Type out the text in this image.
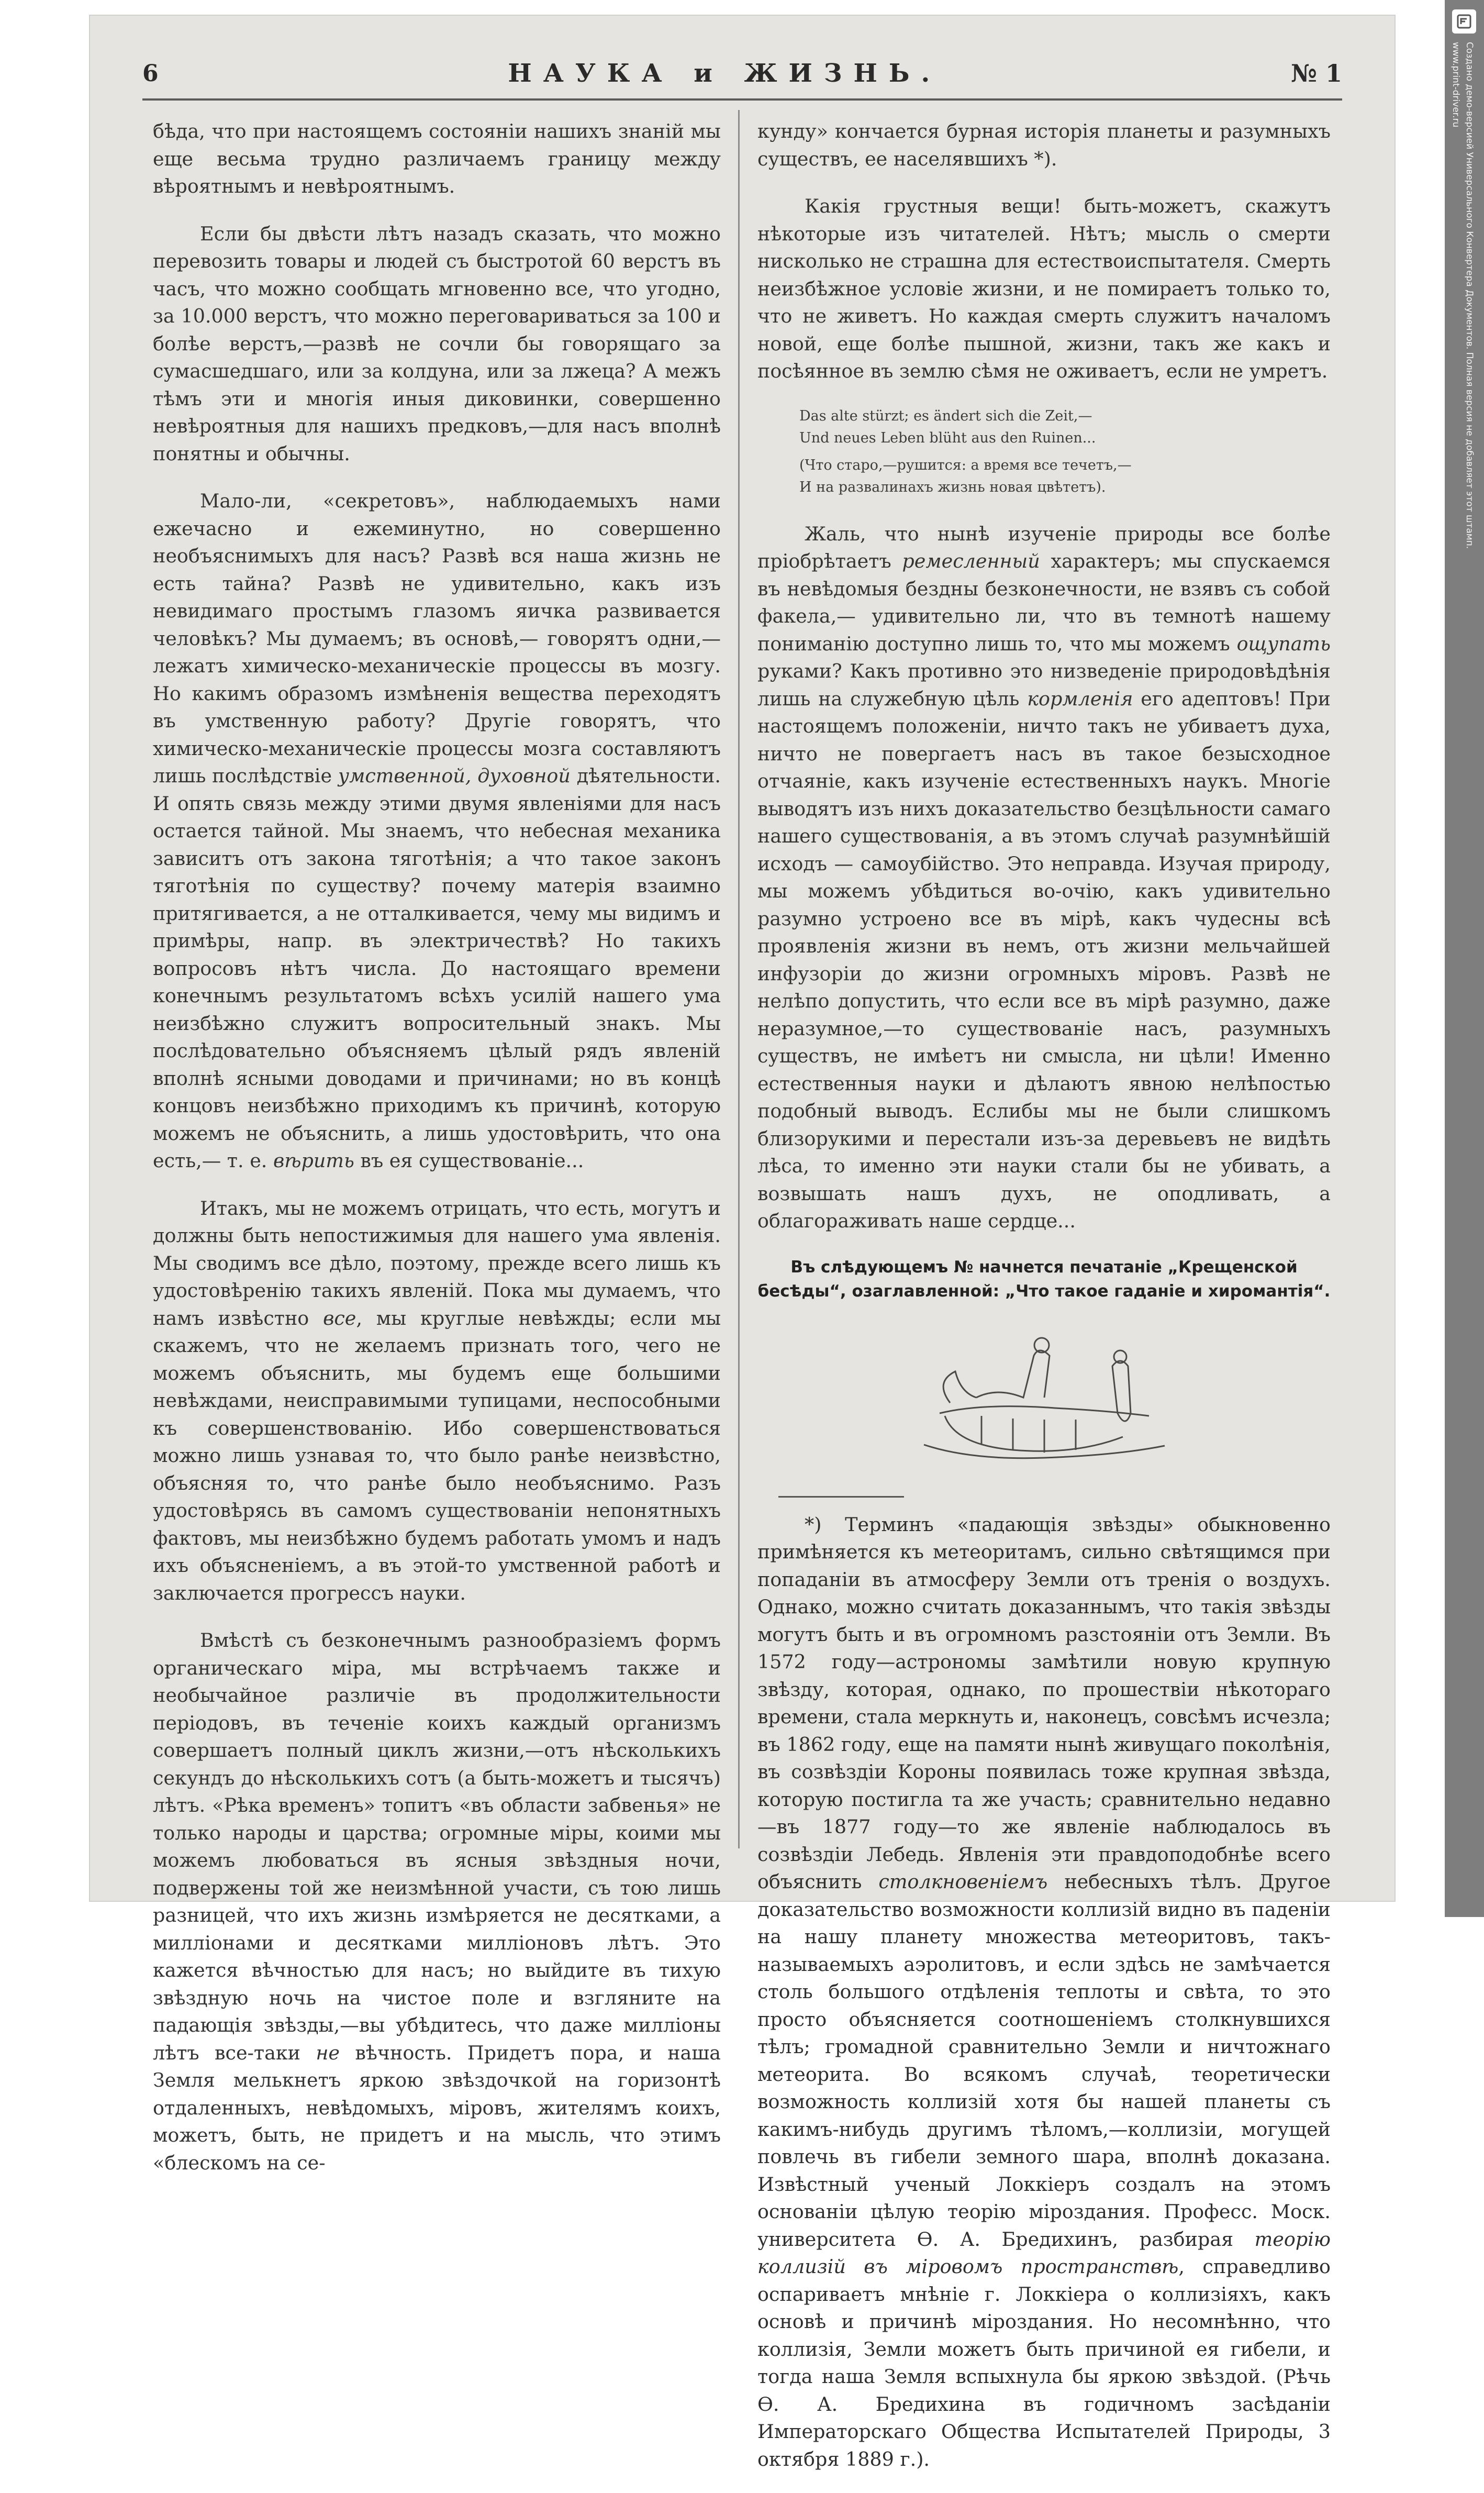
6	НАУКА и ЖИЗНЬ.	№ 1

бѣда, что при настоящемъ состояніи нашихъ знаній мы еще весьма трудно различаемъ границу между вѣроятнымъ и невѣроятнымъ.

Если бы двѣсти лѣтъ назадъ сказать, что можно перевозить товары и людей съ быстротой 60 верстъ въ часъ, что можно сообщать мгновенно все, что угодно, за 10.000 верстъ, что можно переговариваться за 100 и болѣе верстъ,—развѣ не сочли бы говорящаго за сумасшедшаго, или за колдуна, или за лжеца? А межъ тѣмъ эти и многія иныя диковинки, совершенно невѣроятныя для нашихъ предковъ,—для насъ вполнѣ понятны и обычны.

Мало-ли, «секретовъ», наблюдаемыхъ нами ежечасно и ежеминутно, но совершенно необъяснимыхъ для насъ? Развѣ вся наша жизнь не есть тайна? Развѣ не удивительно, какъ изъ невидимаго простымъ глазомъ яичка развивается человѣкъ? Мы думаемъ; въ основѣ,— говорятъ одни,— лежатъ химическо-механическіе процессы въ мозгу. Но какимъ образомъ измѣненія вещества переходятъ въ умственную работу? Другіе говорятъ, что химическо-механическіе процессы мозга составляютъ лишь послѣдствіе умственной, духовной дѣятельности. И опять связь между этими двумя явленіями для насъ остается тайной. Мы знаемъ, что небесная механика зависитъ отъ закона тяготѣнія; а что такое законъ тяготѣнія по существу? почему матерія взаимно притягивается, а не отталкивается, чему мы видимъ и примѣры, напр. въ электричествѣ? Но такихъ вопросовъ нѣтъ числа. До настоящаго времени конечнымъ результатомъ всѣхъ усилій нашего ума неизбѣжно служитъ вопросительный знакъ. Мы послѣдовательно объясняемъ цѣлый рядъ явленій вполнѣ ясными доводами и причинами; но въ концѣ концовъ неизбѣжно приходимъ къ причинѣ, которую можемъ не объяснить, а лишь удостовѣрить, что она есть,— т. е. вѣрить въ ея существованіе...

Итакъ, мы не можемъ отрицать, что есть, могутъ и должны быть непостижимыя для нашего ума явленія. Мы сводимъ все дѣло, поэтому, прежде всего лишь къ удостовѣренію такихъ явленій. Пока мы думаемъ, что намъ извѣстно все, мы круглые невѣжды; если мы скажемъ, что не желаемъ признать того, чего не можемъ объяснить, мы будемъ еще большими невѣждами, неисправимыми тупицами, неспособными къ совершенствованію. Ибо совершенствоваться можно лишь узнавая то, что было ранѣе неизвѣстно, объясняя то, что ранѣе было необъяснимо. Разъ удостовѣрясь въ самомъ существованіи непонятныхъ фактовъ, мы неизбѣжно будемъ работать умомъ и надъ ихъ объясненіемъ, а въ этой-то умственной работѣ и заключается прогрессъ науки.

Вмѣстѣ съ безконечнымъ разнообразіемъ формъ органическаго міра, мы встрѣчаемъ также и необычайное различіе въ продолжительности періодовъ, въ теченіе коихъ каждый организмъ совершаетъ полный циклъ жизни,—отъ нѣсколькихъ секундъ до нѣсколькихъ сотъ (а быть-можетъ и тысячъ) лѣтъ. «Рѣка временъ» топитъ «въ области забвенья» не только народы и царства; огромные міры, коими мы можемъ любоваться въ ясныя звѣздныя ночи, подвержены той же неизмѣнной участи, съ тою лишь разницей, что ихъ жизнь измѣряется не десятками, а милліонами и десятками милліоновъ лѣтъ. Это кажется вѣчностью для насъ; но выйдите въ тихую звѣздную ночь на чистое поле и взгляните на падающія звѣзды,—вы убѣдитесь, что даже милліоны лѣтъ все-таки не вѣчность. Придетъ пора, и наша Земля мелькнетъ яркою звѣздочкой на горизонтѣ отдаленныхъ, невѣдомыхъ, міровъ, жителямъ коихъ, можетъ, быть, не придетъ и на мысль, что этимъ «блескомъ на се-

кунду» кончается бурная исторія планеты и разумныхъ существъ, ее населявшихъ *).

Какія грустныя вещи! быть-можетъ, скажутъ нѣкоторые изъ читателей. Нѣтъ; мысль о смерти нисколько не страшна для естествоиспытателя. Смерть неизбѣжное условіе жизни, и не помираетъ только то, что не живетъ. Но каждая смерть служитъ началомъ новой, еще болѣе пышной, жизни, такъ же какъ и посѣянное въ землю сѣмя не оживаетъ, если не умретъ.

Das alte stürzt; es ändert sich die Zeit,—
Und neues Leben blüht aus den Ruinen...
(Что старо,—рушится: а время все течетъ,—
И на развалинахъ жизнь новая цвѣтетъ).

Жаль, что нынѣ изученіе природы все болѣе пріобрѣтаетъ ремесленный характеръ; мы спускаемся въ невѣдомыя бездны безконечности, не взявъ съ собой факела,— удивительно ли, что въ темнотѣ нашему пониманію доступно лишь то, что мы можемъ ощупать руками? Какъ противно это низведеніе природовѣдѣнія лишь на служебную цѣль кормленія его адептовъ! При настоящемъ положеніи, ничто такъ не убиваетъ духа, ничто не повергаетъ насъ въ такое безысходное отчаяніе, какъ изученіе естественныхъ наукъ. Многіе выводятъ изъ нихъ доказательство безцѣльности самаго нашего существованія, а въ этомъ случаѣ разумнѣйшій исходъ — самоубійство. Это неправда. Изучая природу, мы можемъ убѣдиться во-очію, какъ удивительно разумно устроено все въ мірѣ, какъ чудесны всѣ проявленія жизни въ немъ, отъ жизни мельчайшей инфузоріи до жизни огромныхъ міровъ. Развѣ не нелѣпо допустить, что если все въ мірѣ разумно, даже неразумное,—то существованіе насъ, разумныхъ существъ, не имѣетъ ни смысла, ни цѣли! Именно естественныя науки и дѣлаютъ явною нелѣпостью подобный выводъ. Еслибы мы не были слишкомъ близорукими и перестали изъ-за деревьевъ не видѣть лѣса, то именно эти науки стали бы не убивать, а возвышать нашъ духъ, не оподливать, а облагораживать наше сердце...

Въ слѣдующемъ № начнется печатаніе „Крещенской бесѣды“, озаглавленной: „Что такое гаданіе и хиромантія“.

*) Терминъ «падающія звѣзды» обыкновенно примѣняется къ метеоритамъ, сильно свѣтящимся при попаданіи въ атмосферу Земли отъ тренія о воздухъ. Однако, можно считать доказаннымъ, что такія звѣзды могутъ быть и въ огромномъ разстояніи отъ Земли. Въ 1572 году—астрономы замѣтили новую крупную звѣзду, которая, однако, по прошествіи нѣкотораго времени, стала меркнуть и, наконецъ, совсѣмъ исчезла; въ 1862 году, еще на памяти нынѣ живущаго поколѣнія, въ созвѣздіи Короны появилась тоже крупная звѣзда, которую постигла та же участь; сравнительно недавно—въ 1877 году—то же явленіе наблюдалось въ созвѣздіи Лебедь. Явленія эти правдоподобнѣе всего объяснить столкновеніемъ небесныхъ тѣлъ. Другое доказательство возможности коллизій видно въ паденіи на нашу планету множества метеоритовъ, такъ-называемыхъ аэролитовъ, и если здѣсь не замѣчается столь большого отдѣленія теплоты и свѣта, то это просто объясняется соотношеніемъ столкнувшихся тѣлъ; громадной сравнительно Земли и ничтожнаго метеорита. Во всякомъ случаѣ, теоретически возможность коллизій хотя бы нашей планеты съ какимъ-нибудь другимъ тѣломъ,—коллизіи, могущей повлечь въ гибели земного шара, вполнѣ доказана. Извѣстный ученый Локкіеръ создалъ на этомъ основаніи цѣлую теорію міроздания. Професс. Моск. университета Ѳ. А. Бредихинъ, разбирая теорію коллизій въ міровомъ пространствѣ, справедливо оспариваетъ мнѣніе г. Локкіера о коллизіяхъ, какъ основѣ и причинѣ міроздания. Но несомнѣнно, что коллизія, Земли можетъ быть причиной ея гибели, и тогда наша Земля вспыхнула бы яркою звѣздой. (Рѣчь Ѳ. А. Бредихина въ годичномъ засѣданіи Императорскаго Общества Испытателей Природы, 3 октября 1889 г.).

Создано демо-версией Универсального Конвертера Документов. Полная версия не добавляет этот штамп.
www.print-driver.ru
